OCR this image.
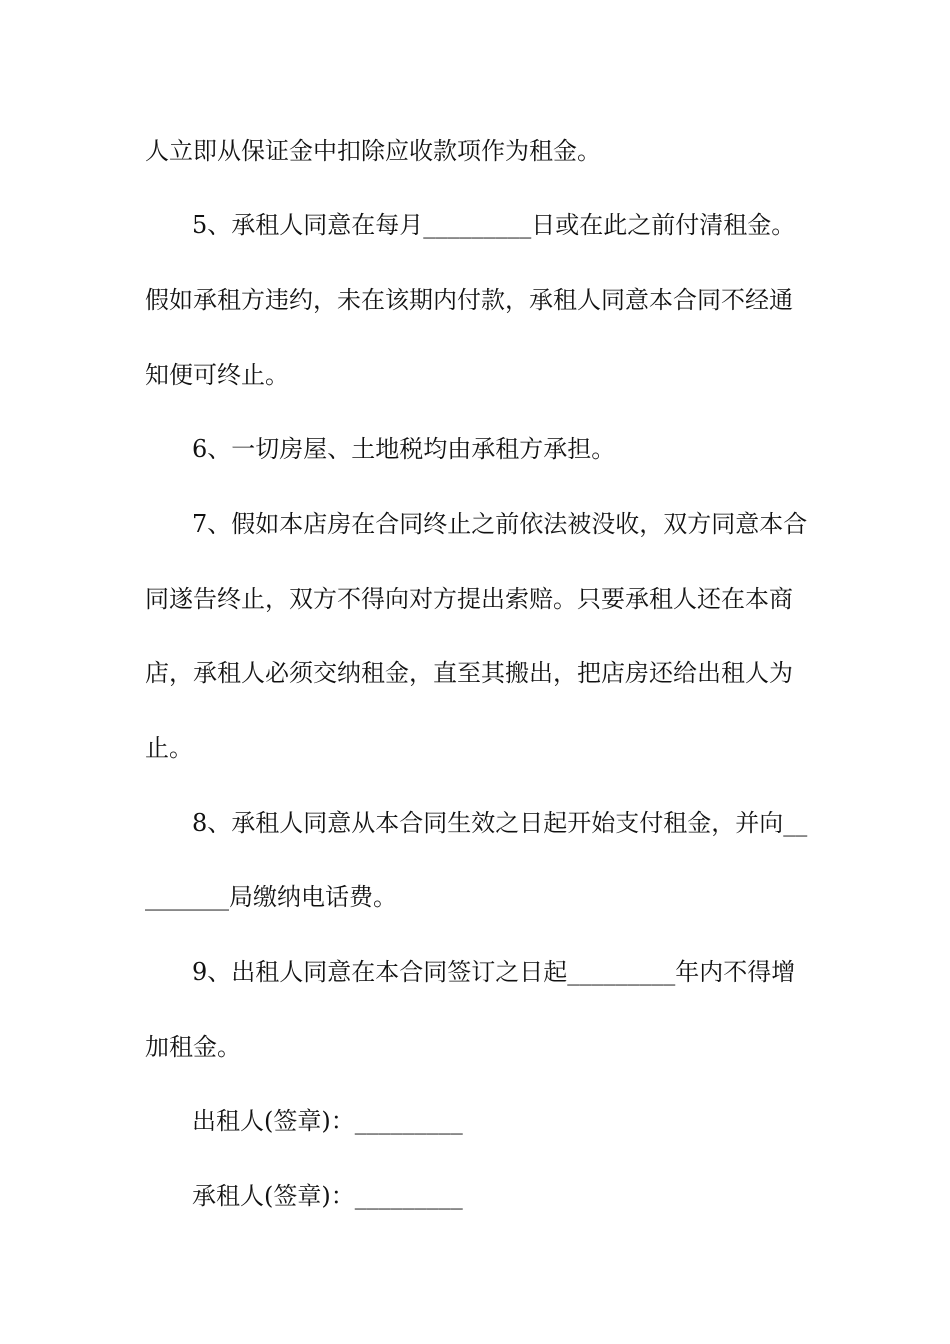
人立即从保证金中扣除应收款项作为租金。
5、承租人同意在每月_________日或在此之前付清租金。
假如承租方违约，未在该期内付款，承租人同意本合同不经通
知便可终止。
6、一切房屋、土地税均由承租方承担。
7、假如本店房在合同终止之前依法被没收，双方同意本合
同遂告终止，双方不得向对方提出索赔。只要承租人还在本商
店，承租人必须交纳租金，直至其搬出，把店房还给出租人为
止。
8、承租人同意从本合同生效之日起开始支付租金，并向__
_______局缴纳电话费。
9、出租人同意在本合同签订之日起_________年内不得增
加租金。
出租人(签章)：_________
承租人(签章)：_________
